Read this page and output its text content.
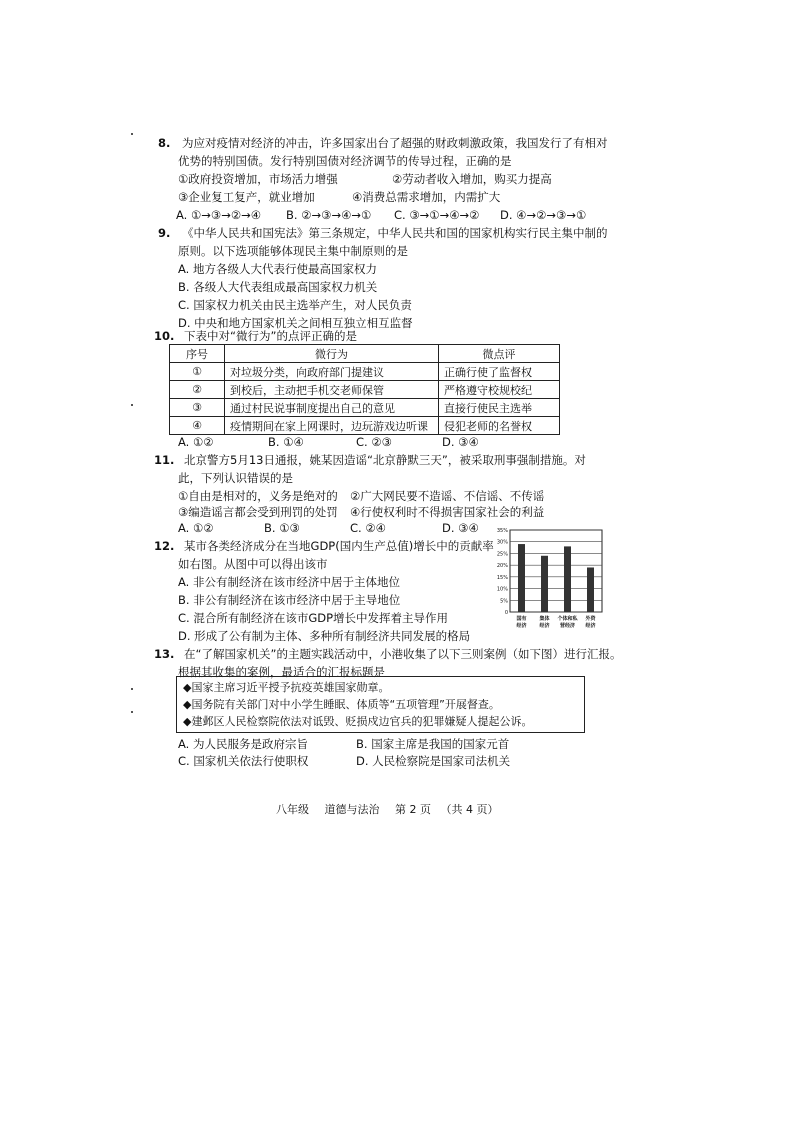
8. 为应对疫情对经济的冲击，许多国家出台了超强的财政刺激政策，我国发行了有相对
优势的特别国债。发行特别国债对经济调节的传导过程，正确的是
①政府投资增加，市场活力增强	②劳动者收入增加，购买力提高
③企业复工复产，就业增加	④消费总需求增加，内需扩大
A. ①→③→②→④ B. ②→③→④→① C. ③→①→④→② D. ④→②→③→①
9. 《中华人民共和国宪法》第三条规定，中华人民共和国的国家机构实行民主集中制的
原则。以下选项能够体现民主集中制原则的是
A. 地方各级人大代表行使最高国家权力
B. 各级人大代表组成最高国家权力机关
C. 国家权力机关由民主选举产生，对人民负责
D. 中央和地方国家机关之间相互独立相互监督
10. 下表中对“微行为”的点评正确的是
序号	微行为	微点评
①	对垃圾分类，向政府部门提建议	正确行使了监督权
②	到校后，主动把手机交老师保管	严格遵守校规校纪
③	通过村民说事制度提出自己的意见	直接行使民主选举
④	疫情期间在家上网课时，边玩游戏边听课	侵犯老师的名誉权
A. ①②	B. ①④	C. ②③	D. ③④
11. 北京警方5月13日通报，姚某因造谣“北京静默三天”，被采取刑事强制措施。对
此，下列认识错误的是
①自由是相对的，义务是绝对的 ②广大网民要不造谣、不信谣、不传谣
③编造谣言都会受到刑罚的处罚 ④行使权利时不得损害国家社会的利益
A. ①②	B. ①③	C. ②④	D. ③④
12. 某市各类经济成分在当地GDP(国内生产总值)增长中的贡献率
如右图。从图中可以得出该市
A. 非公有制经济在该市经济中居于主体地位
B. 非公有制经济在该市经济中居于主导地位
C. 混合所有制经济在该市GDP增长中发挥着主导作用
D. 形成了公有制为主体、多种所有制经济共同发展的格局
35%
30%
25%
20%
15%
10%
5%
0
国有
经济
集体
经济
个体和私
营经济
外资
经济
13. 在“了解国家机关”的主题实践活动中，小港收集了以下三则案例（如下图）进行汇报。
根据其收集的案例，最适合的汇报标题是
◆国家主席习近平授予抗疫英雄国家勋章。
◆国务院有关部门对中小学生睡眠、体质等“五项管理”开展督查。
◆建邺区人民检察院依法对诋毁、贬损戍边官兵的犯罪嫌疑人提起公诉。
A. 为人民服务是政府宗旨	B. 国家主席是我国的国家元首
C. 国家机关依法行使职权	D. 人民检察院是国家司法机关
八年级 道德与法治 第 2 页 （共 4 页）
